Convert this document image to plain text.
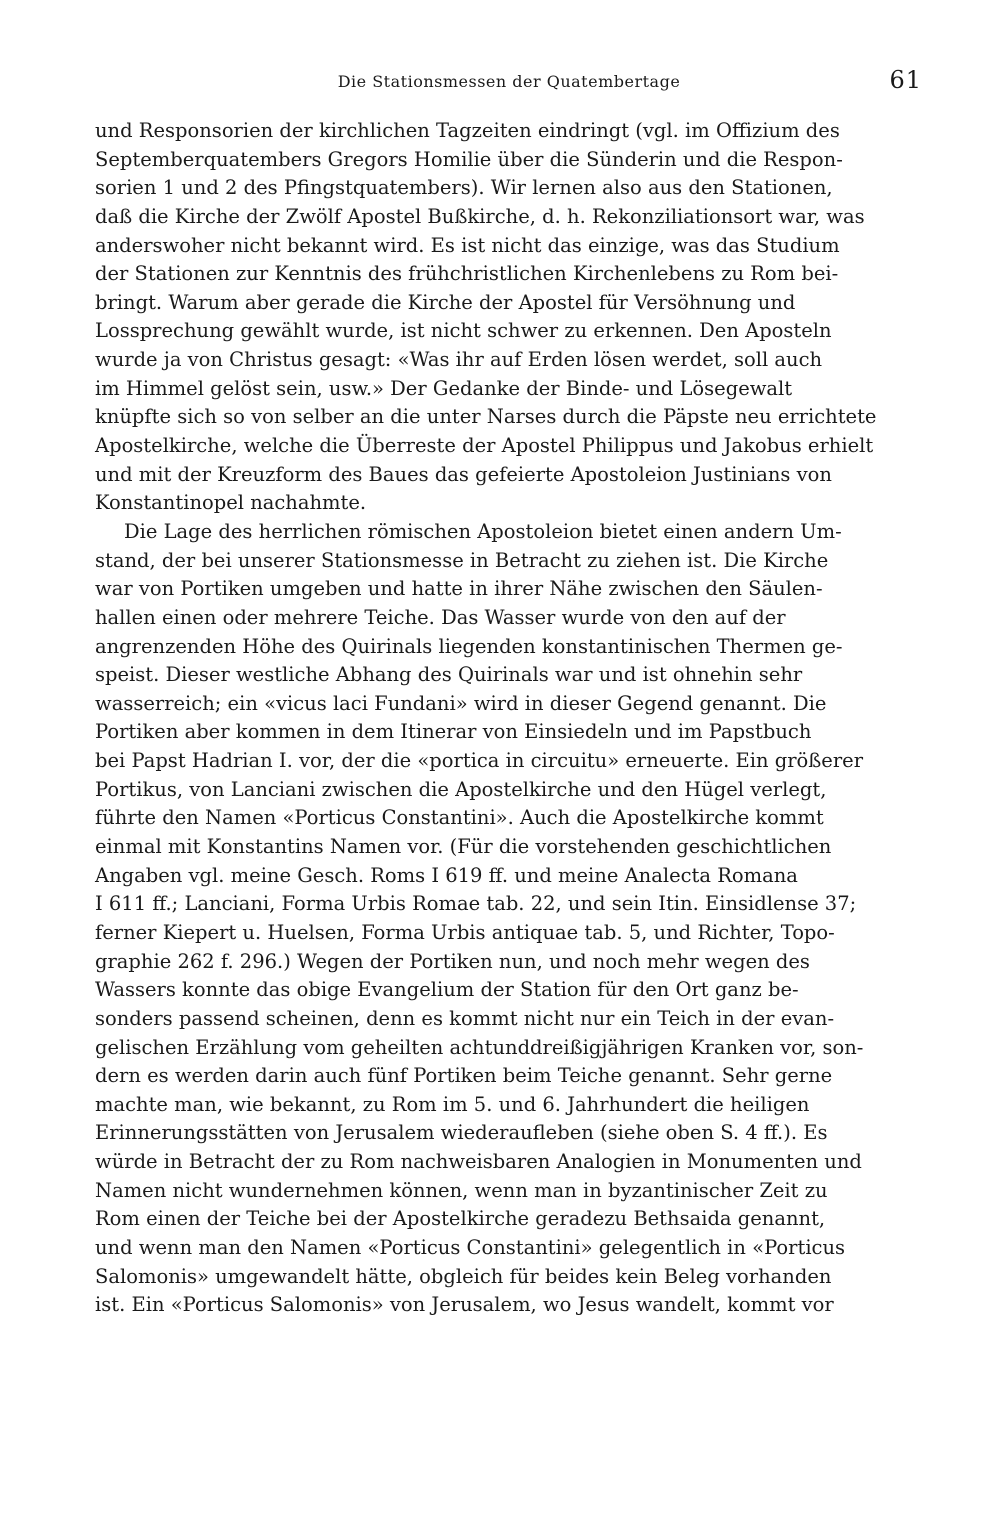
Die Stationsmessen der Quatembertage	61
und Responsorien der kirchlichen Tagzeiten eindringt (vgl. im Offizium des
Septemberquatembers Gregors Homilie über die Sünderin und die Respon-
sorien 1 und 2 des Pfingstquatembers). Wir lernen also aus den Stationen,
daß die Kirche der Zwölf Apostel Bußkirche, d. h. Rekonziliationsort war, was
anderswoher nicht bekannt wird. Es ist nicht das einzige, was das Studium
der Stationen zur Kenntnis des frühchristlichen Kirchenlebens zu Rom bei-
bringt. Warum aber gerade die Kirche der Apostel für Versöhnung und
Lossprechung gewählt wurde, ist nicht schwer zu erkennen. Den Aposteln
wurde ja von Christus gesagt: «Was ihr auf Erden lösen werdet, soll auch
im Himmel gelöst sein, usw.» Der Gedanke der Binde- und Lösegewalt
knüpfte sich so von selber an die unter Narses durch die Päpste neu errichtete
Apostelkirche, welche die Überreste der Apostel Philippus und Jakobus erhielt
und mit der Kreuzform des Baues das gefeierte Apostoleion Justinians von
Konstantinopel nachahmte.
Die Lage des herrlichen römischen Apostoleion bietet einen andern Um-
stand, der bei unserer Stationsmesse in Betracht zu ziehen ist. Die Kirche
war von Portiken umgeben und hatte in ihrer Nähe zwischen den Säulen-
hallen einen oder mehrere Teiche. Das Wasser wurde von den auf der
angrenzenden Höhe des Quirinals liegenden konstantinischen Thermen ge-
speist. Dieser westliche Abhang des Quirinals war und ist ohnehin sehr
wasserreich; ein «vicus laci Fundani» wird in dieser Gegend genannt. Die
Portiken aber kommen in dem Itinerar von Einsiedeln und im Papstbuch
bei Papst Hadrian I. vor, der die «portica in circuitu» erneuerte. Ein größerer
Portikus, von Lanciani zwischen die Apostelkirche und den Hügel verlegt,
führte den Namen «Porticus Constantini». Auch die Apostelkirche kommt
einmal mit Konstantins Namen vor. (Für die vorstehenden geschichtlichen
Angaben vgl. meine Gesch. Roms I 619 ff. und meine Analecta Romana
I 611 ff.; Lanciani, Forma Urbis Romae tab. 22, und sein Itin. Einsidlense 37;
ferner Kiepert u. Huelsen, Forma Urbis antiquae tab. 5, und Richter, Topo-
graphie 262 f. 296.) Wegen der Portiken nun, und noch mehr wegen des
Wassers konnte das obige Evangelium der Station für den Ort ganz be-
sonders passend scheinen, denn es kommt nicht nur ein Teich in der evan-
gelischen Erzählung vom geheilten achtunddreißigjährigen Kranken vor, son-
dern es werden darin auch fünf Portiken beim Teiche genannt. Sehr gerne
machte man, wie bekannt, zu Rom im 5. und 6. Jahrhundert die heiligen
Erinnerungsstätten von Jerusalem wiederaufleben (siehe oben S. 4 ff.). Es
würde in Betracht der zu Rom nachweisbaren Analogien in Monumenten und
Namen nicht wundernehmen können, wenn man in byzantinischer Zeit zu
Rom einen der Teiche bei der Apostelkirche geradezu Bethsaida genannt,
und wenn man den Namen «Porticus Constantini» gelegentlich in «Porticus
Salomonis» umgewandelt hätte, obgleich für beides kein Beleg vorhanden
ist. Ein «Porticus Salomonis» von Jerusalem, wo Jesus wandelt, kommt vor
